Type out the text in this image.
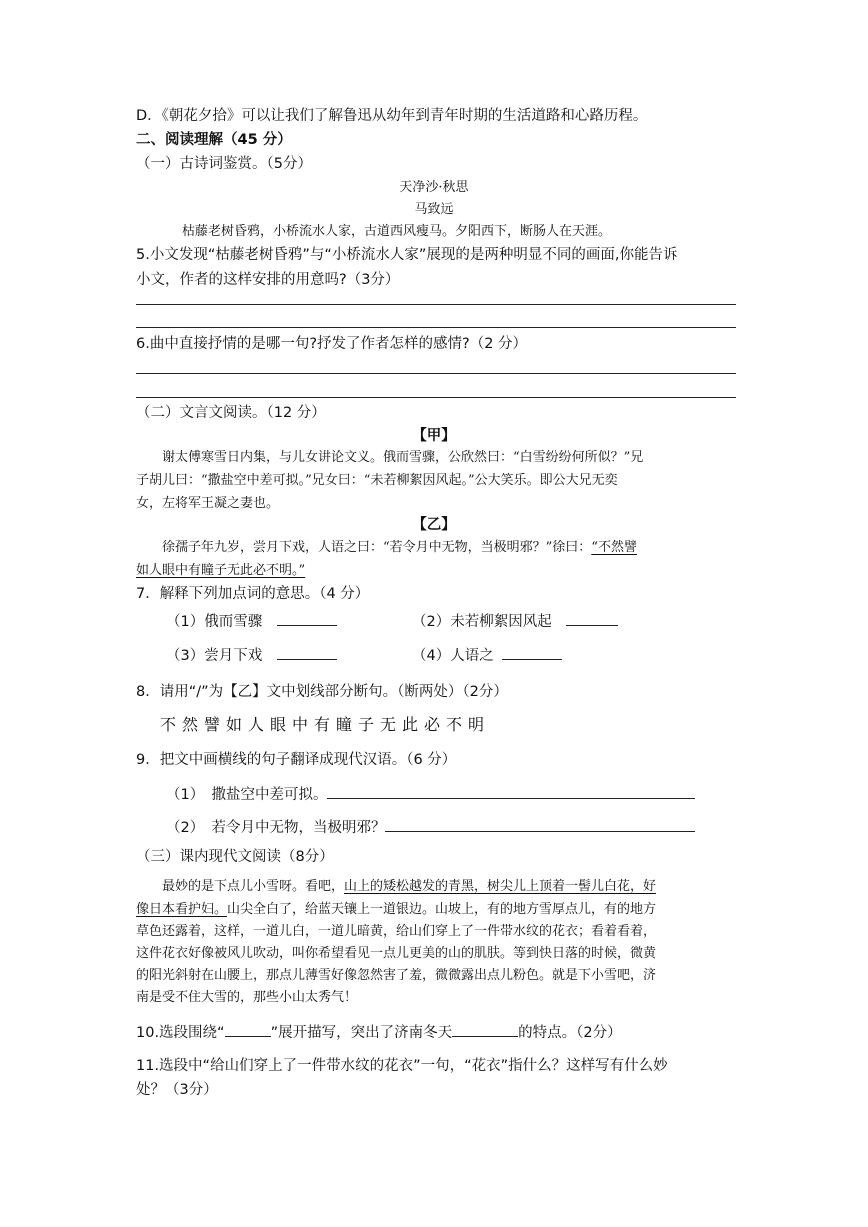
D．《朝花夕拾》可以让我们了解鲁迅从幼年到青年时期的生活道路和心路历程。
二、阅读理解（45 分）
（一）古诗词鉴赏。（5分）
天净沙·秋思
马致远
枯藤老树昏鸦，小桥流水人家，古道西风瘦马。夕阳西下，断肠人在天涯。
5.小文发现“枯藤老树昏鸦”与“小桥流水人家”展现的是两种明显不同的画面,你能告诉
小文，作者的这样安排的用意吗?（3分）
6.曲中直接抒情的是哪一句?抒发了作者怎样的感情?（2 分）
（二）文言文阅读。（12 分）
【甲】
谢太傅寒雪日内集，与儿女讲论文义。俄而雪骤，公欣然曰：“白雪纷纷何所似？”兄
子胡儿曰：“撒盐空中差可拟。”兄女曰：“未若柳絮因风起。”公大笑乐。即公大兄无奕
女，左将军王凝之妻也。
【乙】
徐孺子年九岁，尝月下戏，人语之曰：“若令月中无物，当极明邪？”徐曰：“不然譬
如人眼中有瞳子无此必不明。”
7．解释下列加点词的意思。（4 分）
（1）俄而雪骤	（2）未若柳絮因风起
（3）尝月下戏	（4）人语之
8．请用“/”为【乙】文中划线部分断句。（断两处）（2分）
不然譬如人眼中有瞳子无此必不明
9．把文中画横线的句子翻译成现代汉语。（6 分）
（1）　撒盐空中差可拟。
（2）　若令月中无物，当极明邪？
（三）课内现代文阅读（8分）
最妙的是下点儿小雪呀。看吧，山上的矮松越发的青黑，树尖儿上顶着一髻儿白花，好
像日本看护妇。山尖全白了，给蓝天镶上一道银边。山坡上，有的地方雪厚点儿，有的地方
草色还露着，这样，一道儿白，一道儿暗黄，给山们穿上了一件带水纹的花衣；看着看着，
这件花衣好像被风儿吹动，叫你希望看见一点儿更美的山的肌肤。等到快日落的时候，微黄
的阳光斜射在山腰上，那点儿薄雪好像忽然害了羞，微微露出点儿粉色。就是下小雪吧，济
南是受不住大雪的，那些小山太秀气！
10.选段围绕“	”展开描写，突出了济南冬天	的特点。（2分）
11.选段中“给山们穿上了一件带水纹的花衣”一句，“花衣”指什么？这样写有什么妙
处？（3分）
